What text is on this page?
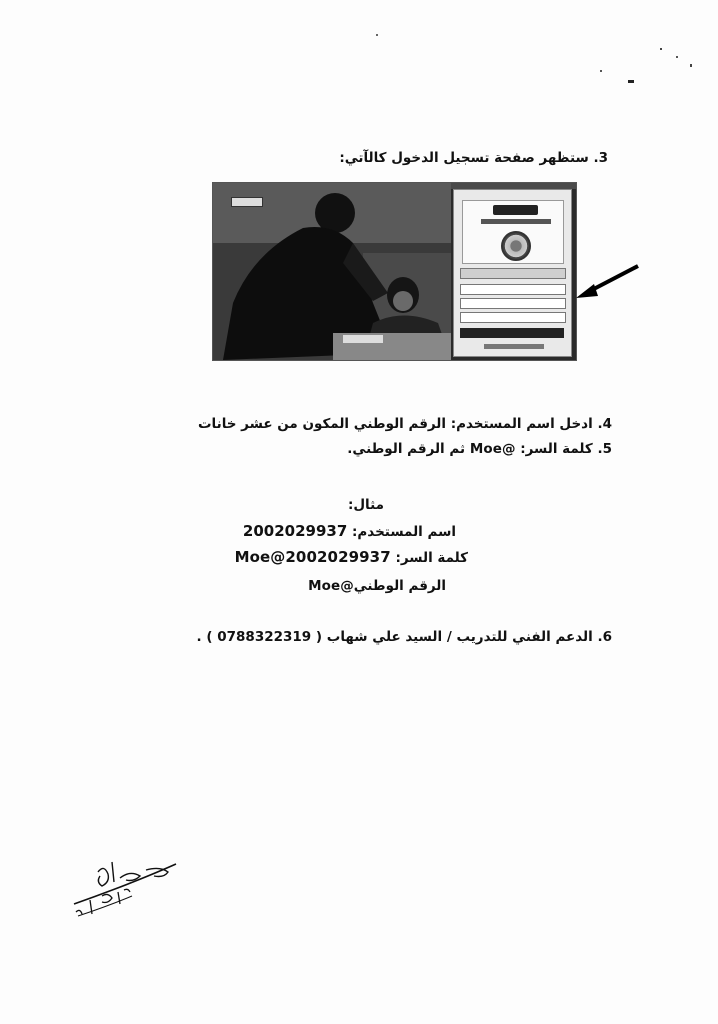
3. ستظهر صفحة تسجيل الدخول كالآتي:
4. ادخل اسم المستخدم: الرقم الوطني المكون من عشر خانات
5. كلمة السر: @Moe ثم الرقم الوطني.
مثال:
اسم المستخدم: 2002029937
كلمة السر: Moe@2002029937
الرقم الوطني@Moe
6. الدعم الفني للتدريب / السيد علي شهاب ( 0788322319 ) .
